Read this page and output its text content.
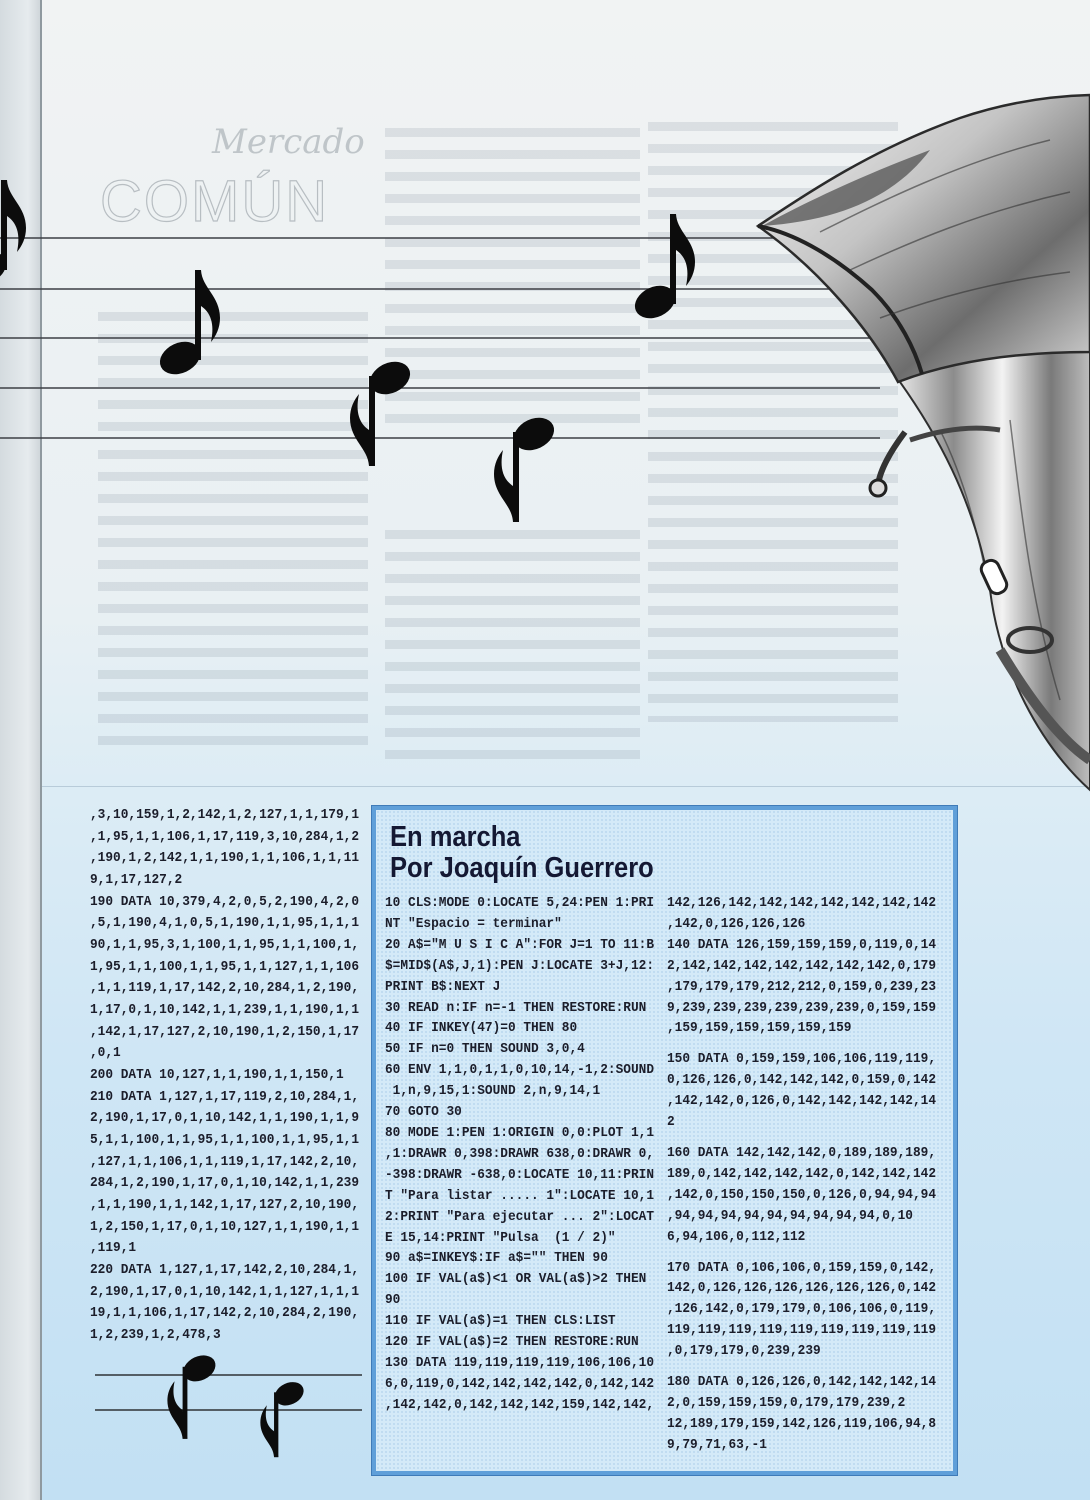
Mercado
COMÚN
,3,10,159,1,2,142,1,2,127,1,1,179,1
,1,95,1,1,106,1,17,119,3,10,284,1,2
,190,1,2,142,1,1,190,1,1,106,1,1,11
9,1,17,127,2
190 DATA 10,379,4,2,0,5,2,190,4,2,0
,5,1,190,4,1,0,5,1,190,1,1,95,1,1,1
90,1,1,95,3,1,100,1,1,95,1,1,100,1,
1,95,1,1,100,1,1,95,1,1,127,1,1,106
,1,1,119,1,17,142,2,10,284,1,2,190,
1,17,0,1,10,142,1,1,239,1,1,190,1,1
,142,1,17,127,2,10,190,1,2,150,1,17
,0,1
200 DATA 10,127,1,1,190,1,1,150,1
210 DATA 1,127,1,17,119,2,10,284,1,
2,190,1,17,0,1,10,142,1,1,190,1,1,9
5,1,1,100,1,1,95,1,1,100,1,1,95,1,1
,127,1,1,106,1,1,119,1,17,142,2,10,
284,1,2,190,1,17,0,1,10,142,1,1,239
,1,1,190,1,1,142,1,17,127,2,10,190,
1,2,150,1,17,0,1,10,127,1,1,190,1,1
,119,1
220 DATA 1,127,1,17,142,2,10,284,1,
2,190,1,17,0,1,10,142,1,1,127,1,1,1
19,1,1,106,1,17,142,2,10,284,2,190,
1,2,239,1,2,478,3
En marcha
Por Joaquín Guerrero
10 CLS:MODE 0:LOCATE 5,24:PEN 1:PRI
NT "Espacio = terminar"
20 A$="M U S I C A":FOR J=1 TO 11:B
$=MID$(A$,J,1):PEN J:LOCATE 3+J,12:
PRINT B$:NEXT J
30 READ n:IF n=-1 THEN RESTORE:RUN
40 IF INKEY(47)=0 THEN 80
50 IF n=0 THEN SOUND 3,0,4
60 ENV 1,1,0,1,1,0,10,14,-1,2:SOUND
1,n,9,15,1:SOUND 2,n,9,14,1
70 GOTO 30
80 MODE 1:PEN 1:ORIGIN 0,0:PLOT 1,1
,1:DRAWR 0,398:DRAWR 638,0:DRAWR 0,
-398:DRAWR -638,0:LOCATE 10,11:PRIN
T "Para listar ..... 1":LOCATE 10,1
2:PRINT "Para ejecutar ... 2":LOCAT
E 15,14:PRINT "Pulsa  (1 / 2)"
90 a$=INKEY$:IF a$="" THEN 90
100 IF VAL(a$)<1 OR VAL(a$)>2 THEN
90
110 IF VAL(a$)=1 THEN CLS:LIST
120 IF VAL(a$)=2 THEN RESTORE:RUN
130 DATA 119,119,119,119,106,106,10
6,0,119,0,142,142,142,142,0,142,142
,142,142,0,142,142,142,159,142,142,
142,126,142,142,142,142,142,142,142
,142,0,126,126,126
140 DATA 126,159,159,159,0,119,0,14
2,142,142,142,142,142,142,142,0,179
,179,179,179,212,212,0,159,0,239,23
9,239,239,239,239,239,239,0,159,159
,159,159,159,159,159,159
150 DATA 0,159,159,106,106,119,119,
0,126,126,0,142,142,142,0,159,0,142
,142,142,0,126,0,142,142,142,142,14
2
160 DATA 142,142,142,0,189,189,189,
189,0,142,142,142,142,0,142,142,142
,142,0,150,150,150,0,126,0,94,94,94
,94,94,94,94,94,94,94,94,94,0,10
6,94,106,0,112,112
170 DATA 0,106,106,0,159,159,0,142,
142,0,126,126,126,126,126,126,0,142
,126,142,0,179,179,0,106,106,0,119,
119,119,119,119,119,119,119,119,119
,0,179,179,0,239,239
180 DATA 0,126,126,0,142,142,142,14
2,0,159,159,159,0,179,179,239,2
12,189,179,159,142,126,119,106,94,8
9,79,71,63,-1
